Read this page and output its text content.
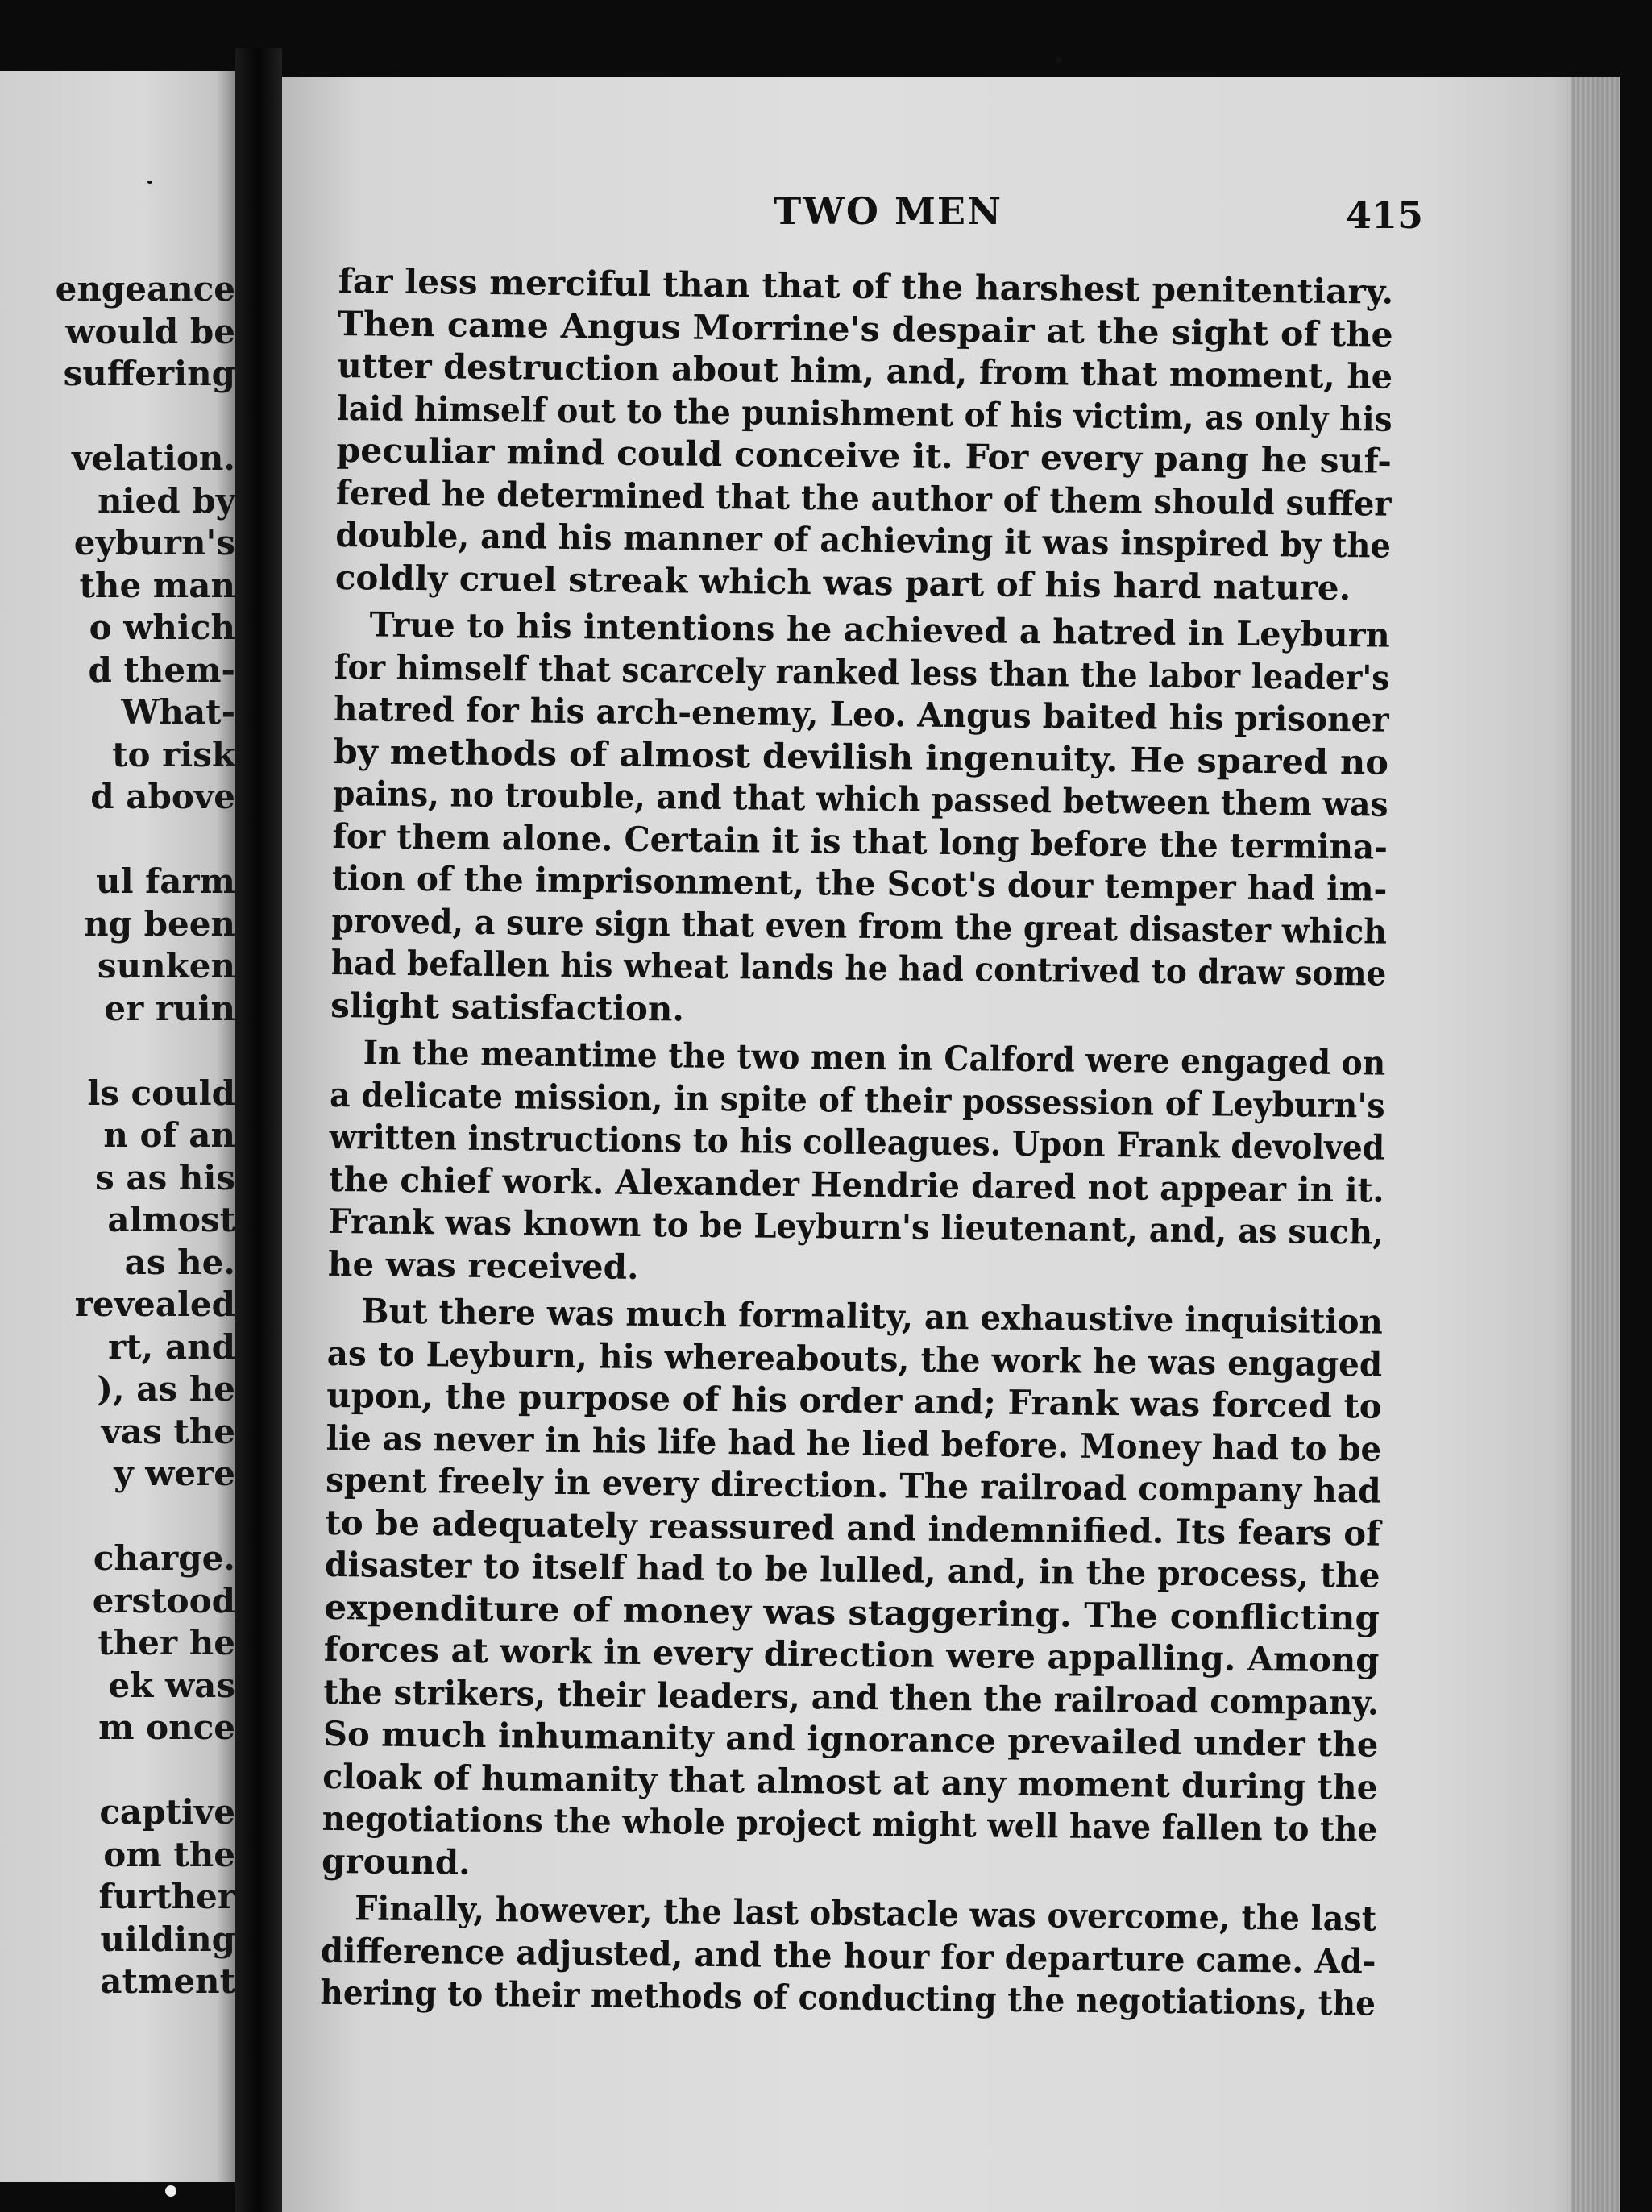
engeance
would be
suffering
velation.
nied by
eyburn's
the man
o which
d them-
What-
to risk
d above
ul farm
ng been
sunken
er ruin
ls could
n of an
s as his
almost
as he.
revealed
rt, and
), as he
vas the
y were
charge.
erstood
ther he
ek was
m once
captive
om the
further
uilding
atment
TWO MEN	415
far less merciful than that of the harshest penitentiary.
Then came Angus Morrine's despair at the sight of the
utter destruction about him, and, from that moment, he
laid himself out to the punishment of his victim, as only his
peculiar mind could conceive it. For every pang he suf-
fered he determined that the author of them should suffer
double, and his manner of achieving it was inspired by the
coldly cruel streak which was part of his hard nature.
True to his intentions he achieved a hatred in Leyburn
for himself that scarcely ranked less than the labor leader's
hatred for his arch-enemy, Leo. Angus baited his prisoner
by methods of almost devilish ingenuity. He spared no
pains, no trouble, and that which passed between them was
for them alone. Certain it is that long before the termina-
tion of the imprisonment, the Scot's dour temper had im-
proved, a sure sign that even from the great disaster which
had befallen his wheat lands he had contrived to draw some
slight satisfaction.
In the meantime the two men in Calford were engaged on
a delicate mission, in spite of their possession of Leyburn's
written instructions to his colleagues. Upon Frank devolved
the chief work. Alexander Hendrie dared not appear in it.
Frank was known to be Leyburn's lieutenant, and, as such,
he was received.
But there was much formality, an exhaustive inquisition
as to Leyburn, his whereabouts, the work he was engaged
upon, the purpose of his order and; Frank was forced to
lie as never in his life had he lied before. Money had to be
spent freely in every direction. The railroad company had
to be adequately reassured and indemnified. Its fears of
disaster to itself had to be lulled, and, in the process, the
expenditure of money was staggering. The conflicting
forces at work in every direction were appalling. Among
the strikers, their leaders, and then the railroad company.
So much inhumanity and ignorance prevailed under the
cloak of humanity that almost at any moment during the
negotiations the whole project might well have fallen to the
ground.
Finally, however, the last obstacle was overcome, the last
difference adjusted, and the hour for departure came. Ad-
hering to their methods of conducting the negotiations, the
